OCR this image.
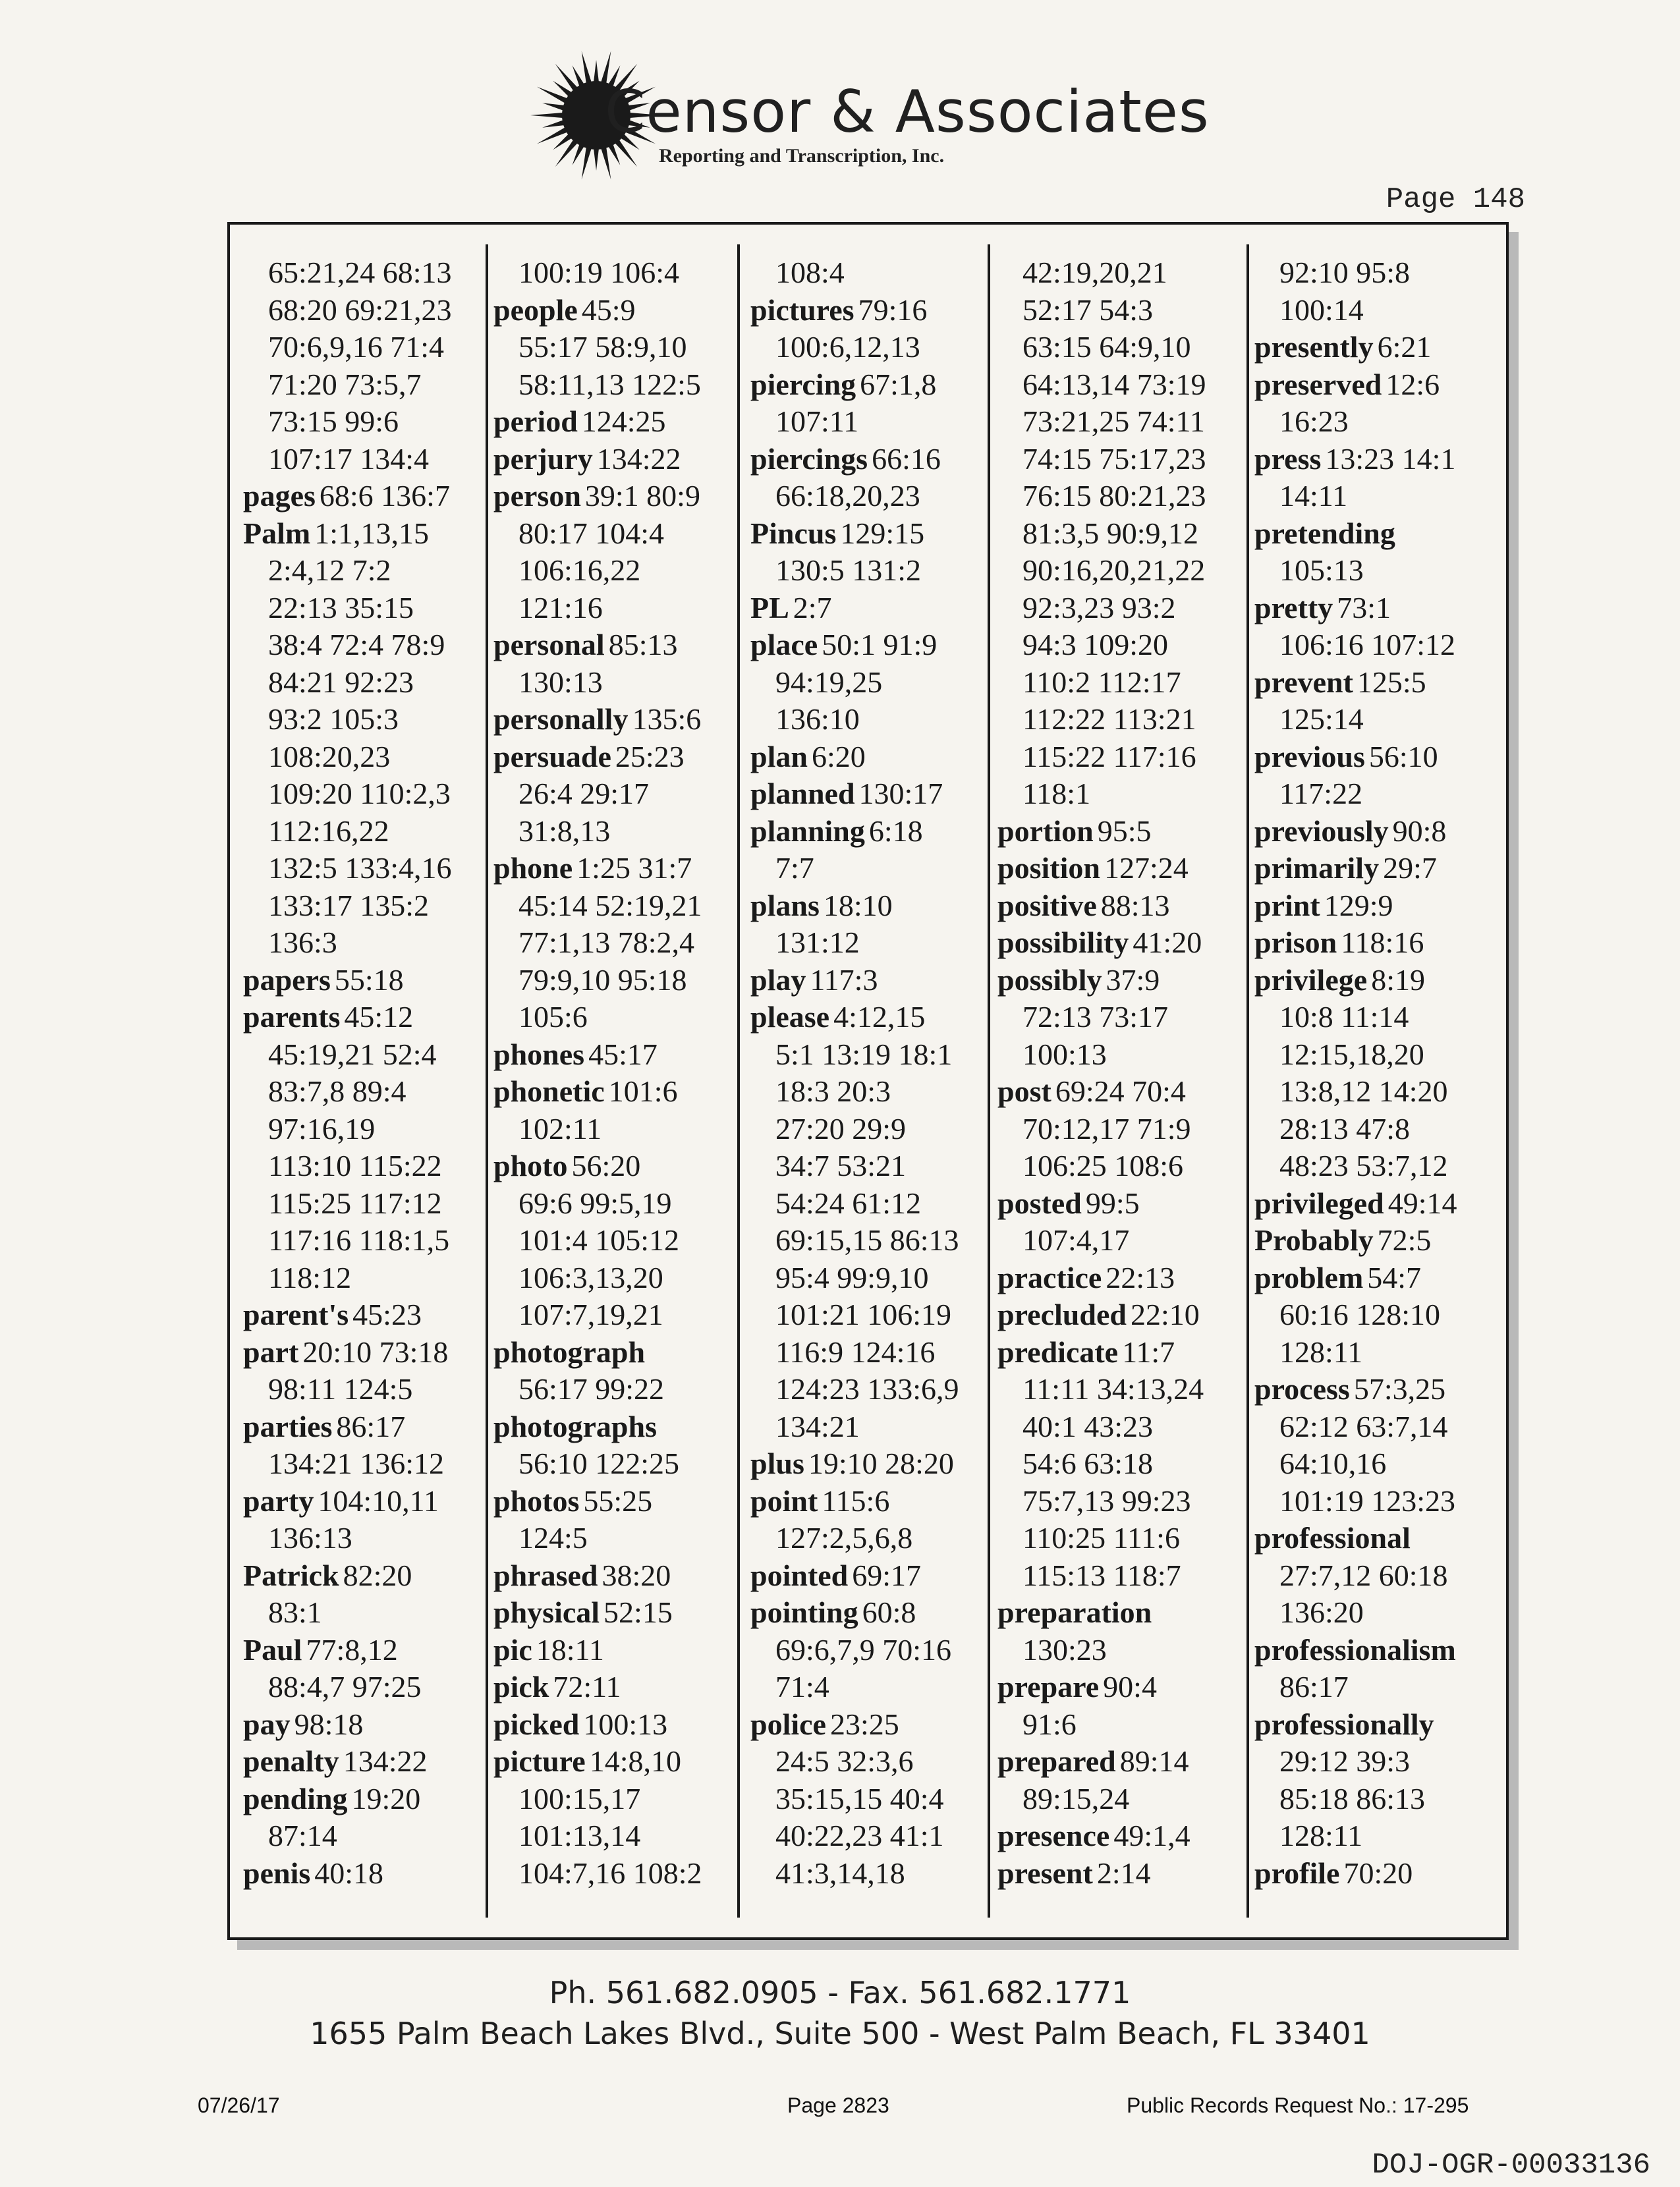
Censor & Associates
Reporting and Transcription, Inc.
Page 148
65:21,24 68:13
68:20 69:21,23
70:6,9,16 71:4
71:20 73:5,7
73:15 99:6
107:17 134:4
pages 68:6 136:7
Palm 1:1,13,15
2:4,12 7:2
22:13 35:15
38:4 72:4 78:9
84:21 92:23
93:2 105:3
108:20,23
109:20 110:2,3
112:16,22
132:5 133:4,16
133:17 135:2
136:3
papers 55:18
parents 45:12
45:19,21 52:4
83:7,8 89:4
97:16,19
113:10 115:22
115:25 117:12
117:16 118:1,5
118:12
parent's 45:23
part 20:10 73:18
98:11 124:5
parties 86:17
134:21 136:12
party 104:10,11
136:13
Patrick 82:20
83:1
Paul 77:8,12
88:4,7 97:25
pay 98:18
penalty 134:22
pending 19:20
87:14
penis 40:18
100:19 106:4
people 45:9
55:17 58:9,10
58:11,13 122:5
period 124:25
perjury 134:22
person 39:1 80:9
80:17 104:4
106:16,22
121:16
personal 85:13
130:13
personally 135:6
persuade 25:23
26:4 29:17
31:8,13
phone 1:25 31:7
45:14 52:19,21
77:1,13 78:2,4
79:9,10 95:18
105:6
phones 45:17
phonetic 101:6
102:11
photo 56:20
69:6 99:5,19
101:4 105:12
106:3,13,20
107:7,19,21
photograph
56:17 99:22
photographs
56:10 122:25
photos 55:25
124:5
phrased 38:20
physical 52:15
pic 18:11
pick 72:11
picked 100:13
picture 14:8,10
100:15,17
101:13,14
104:7,16 108:2
108:4
pictures 79:16
100:6,12,13
piercing 67:1,8
107:11
piercings 66:16
66:18,20,23
Pincus 129:15
130:5 131:2
PL 2:7
place 50:1 91:9
94:19,25
136:10
plan 6:20
planned 130:17
planning 6:18
7:7
plans 18:10
131:12
play 117:3
please 4:12,15
5:1 13:19 18:1
18:3 20:3
27:20 29:9
34:7 53:21
54:24 61:12
69:15,15 86:13
95:4 99:9,10
101:21 106:19
116:9 124:16
124:23 133:6,9
134:21
plus 19:10 28:20
point 115:6
127:2,5,6,8
pointed 69:17
pointing 60:8
69:6,7,9 70:16
71:4
police 23:25
24:5 32:3,6
35:15,15 40:4
40:22,23 41:1
41:3,14,18
42:19,20,21
52:17 54:3
63:15 64:9,10
64:13,14 73:19
73:21,25 74:11
74:15 75:17,23
76:15 80:21,23
81:3,5 90:9,12
90:16,20,21,22
92:3,23 93:2
94:3 109:20
110:2 112:17
112:22 113:21
115:22 117:16
118:1
portion 95:5
position 127:24
positive 88:13
possibility 41:20
possibly 37:9
72:13 73:17
100:13
post 69:24 70:4
70:12,17 71:9
106:25 108:6
posted 99:5
107:4,17
practice 22:13
precluded 22:10
predicate 11:7
11:11 34:13,24
40:1 43:23
54:6 63:18
75:7,13 99:23
110:25 111:6
115:13 118:7
preparation
130:23
prepare 90:4
91:6
prepared 89:14
89:15,24
presence 49:1,4
present 2:14
92:10 95:8
100:14
presently 6:21
preserved 12:6
16:23
press 13:23 14:1
14:11
pretending
105:13
pretty 73:1
106:16 107:12
prevent 125:5
125:14
previous 56:10
117:22
previously 90:8
primarily 29:7
print 129:9
prison 118:16
privilege 8:19
10:8 11:14
12:15,18,20
13:8,12 14:20
28:13 47:8
48:23 53:7,12
privileged 49:14
Probably 72:5
problem 54:7
60:16 128:10
128:11
process 57:3,25
62:12 63:7,14
64:10,16
101:19 123:23
professional
27:7,12 60:18
136:20
professionalism
86:17
professionally
29:12 39:3
85:18 86:13
128:11
profile 70:20
Ph. 561.682.0905 - Fax. 561.682.1771
1655 Palm Beach Lakes Blvd., Suite 500 - West Palm Beach, FL 33401
07/26/17	Page 2823	Public Records Request No.: 17-295
DOJ-OGR-00033136
